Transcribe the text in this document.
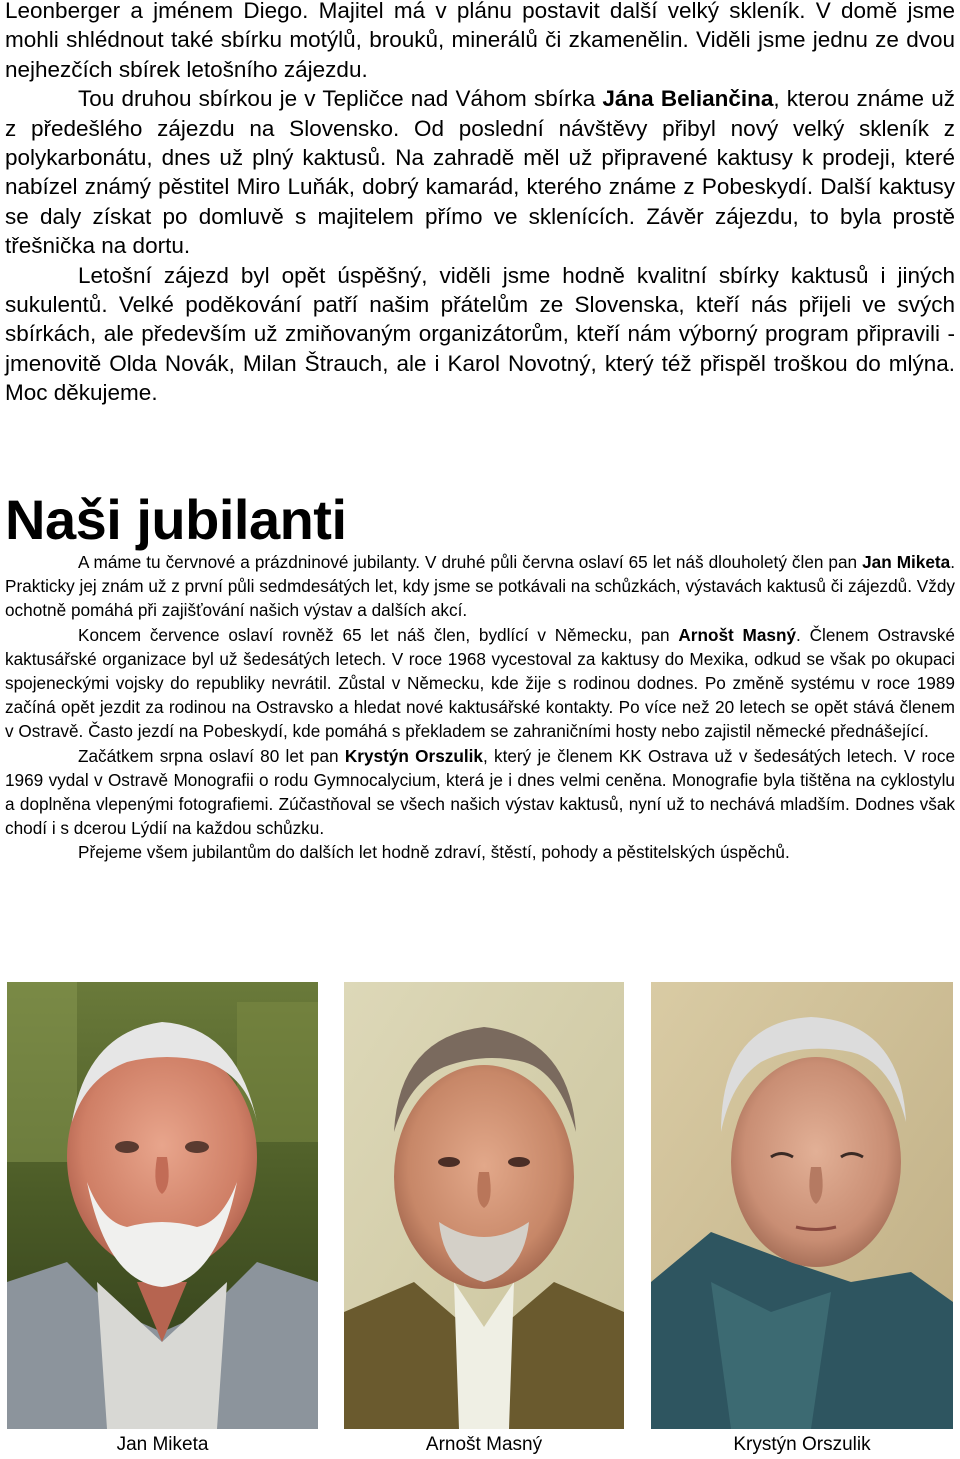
Leonberger a jménem Diego. Majitel má v plánu postavit další velký skleník. V domě jsme mohli shlédnout také sbírku motýlů, brouků, minerálů či zkamenělin. Viděli jsme jednu ze dvou nejhezčích sbírek letošního zájezdu.

Tou druhou sbírkou je v Tepličce nad Váhom sbírka Jána Beliančina, kterou známe už z předešlého zájezdu na Slovensko. Od poslední návštěvy přibyl nový velký skleník z polykarbonátu, dnes už plný kaktusů. Na zahradě měl už připravené kaktusy k prodeji, které nabízel známý pěstitel Miro Luňák, dobrý kamarád, kterého známe z Pobeskydí. Další kaktusy se daly získat po domluvě s majitelem přímo ve sklenících. Závěr zájezdu, to byla prostě třešnička na dortu.

Letošní zájezd byl opět úspěšný, viděli jsme hodně kvalitní sbírky kaktusů i jiných sukulentů. Velké poděkování patří našim přátelům ze Slovenska, kteří nás přijeli ve svých sbírkách, ale především už zmiňovaným organizátorům, kteří nám výborný program připravili - jmenovitě Olda Novák, Milan Štrauch, ale i Karol Novotný, který též přispěl troškou do mlýna. Moc děkujeme.

Naši jubilanti

A máme tu červnové a prázdninové jubilanty. V druhé půli června oslaví 65 let náš dlouholetý člen pan Jan Miketa. Prakticky jej znám už z první půli sedmdesátých let, kdy jsme se potkávali na schůzkách, výstavách kaktusů či zájezdů. Vždy ochotně pomáhá při zajišťování našich výstav a dalších akcí.

Koncem července oslaví rovněž 65 let náš člen, bydlící v Německu, pan Arnošt Masný. Členem Ostravské kaktusářské organizace byl už šedesátých letech. V roce 1968 vycestoval za kaktusy do Mexika, odkud se však po okupaci spojeneckými vojsky do republiky nevrátil. Zůstal v Německu, kde žije s rodinou dodnes. Po změně systému v roce 1989 začíná opět jezdit za rodinou na Ostravsko a hledat nové kaktusářské kontakty. Po více než 20 letech se opět stává členem v Ostravě. Často jezdí na Pobeskydí, kde pomáhá s překladem se zahraničními hosty nebo zajistil německé přednášející.

Začátkem srpna oslaví 80 let pan Krystýn Orszulik, který je členem KK Ostrava už v šedesátých letech. V roce 1969 vydal v Ostravě Monografii o rodu Gymnocalycium, která je i dnes velmi ceněna. Monografie byla tištěna na cyklostylu a doplněna vlepenými fotografiemi. Zúčastňoval se všech našich výstav kaktusů, nyní už to nechává mladším. Dodnes však chodí i s dcerou Lýdií na každou schůzku.

Přejeme všem jubilantům do dalších let hodně zdraví, štěstí, pohody a pěstitelských úspěchů.

Jan Miketa	Arnošt Masný	Krystýn Orszulik
